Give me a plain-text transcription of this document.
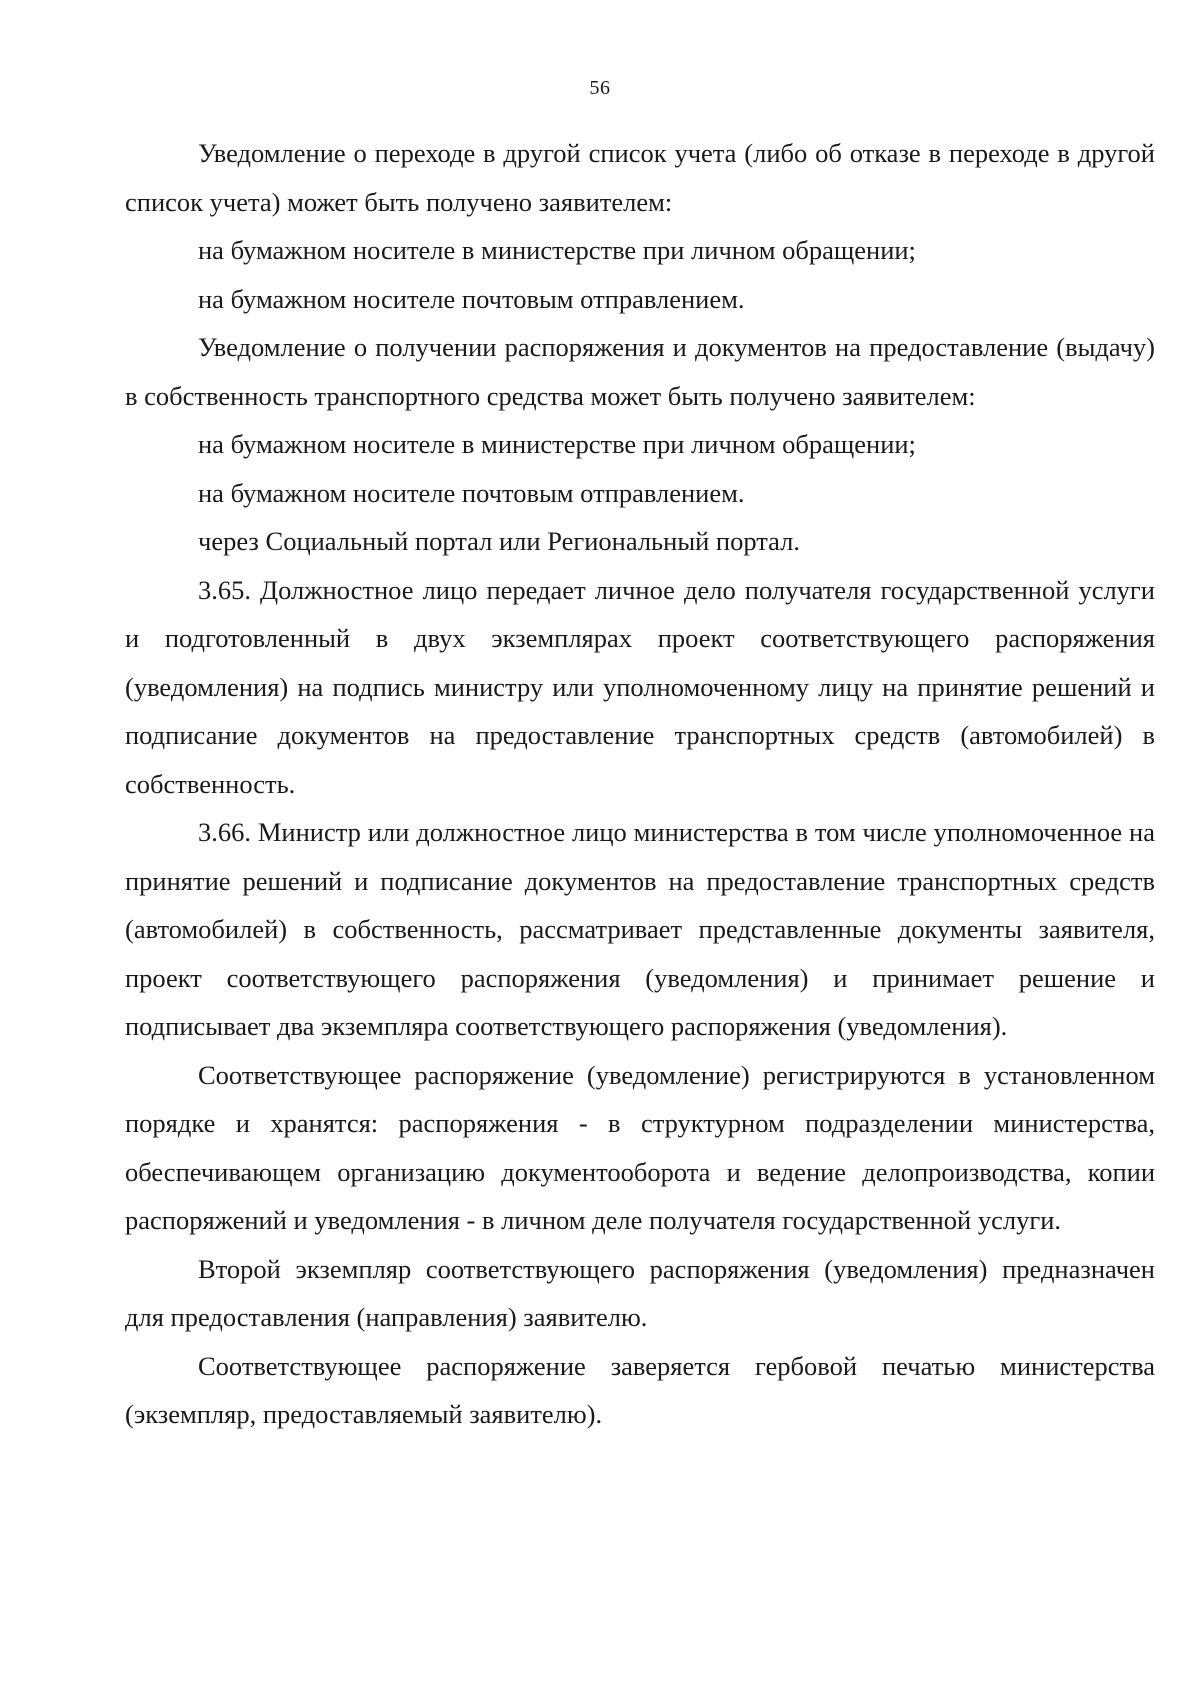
56

Уведомление о переходе в другой список учета (либо об отказе в переходе в другой список учета) может быть получено заявителем:

на бумажном носителе в министерстве при личном обращении;

на бумажном носителе почтовым отправлением.

Уведомление о получении распоряжения и документов на предоставление (выдачу) в собственность транспортного средства может быть получено заявителем:

на бумажном носителе в министерстве при личном обращении;

на бумажном носителе почтовым отправлением.

через Социальный портал или Региональный портал.

3.65. Должностное лицо передает личное дело получателя государственной услуги и подготовленный в двух экземплярах проект соответствующего распоряжения (уведомления) на подпись министру или уполномоченному лицу на принятие решений и подписание документов на предоставление транспортных средств (автомобилей) в собственность.

3.66. Министр или должностное лицо министерства в том числе уполномоченное на принятие решений и подписание документов на предоставление транспортных средств (автомобилей) в собственность, рассматривает представленные документы заявителя, проект соответствующего распоряжения (уведомления) и принимает решение и подписывает два экземпляра соответствующего распоряжения (уведомления).

Соответствующее распоряжение (уведомление) регистрируются в установленном порядке и хранятся: распоряжения - в структурном подразделении министерства, обеспечивающем организацию документооборота и ведение делопроизводства, копии распоряжений и уведомления - в личном деле получателя государственной услуги.

Второй экземпляр соответствующего распоряжения (уведомления) предназначен для предоставления (направления) заявителю.

Соответствующее распоряжение заверяется гербовой печатью министерства (экземпляр, предоставляемый заявителю).
